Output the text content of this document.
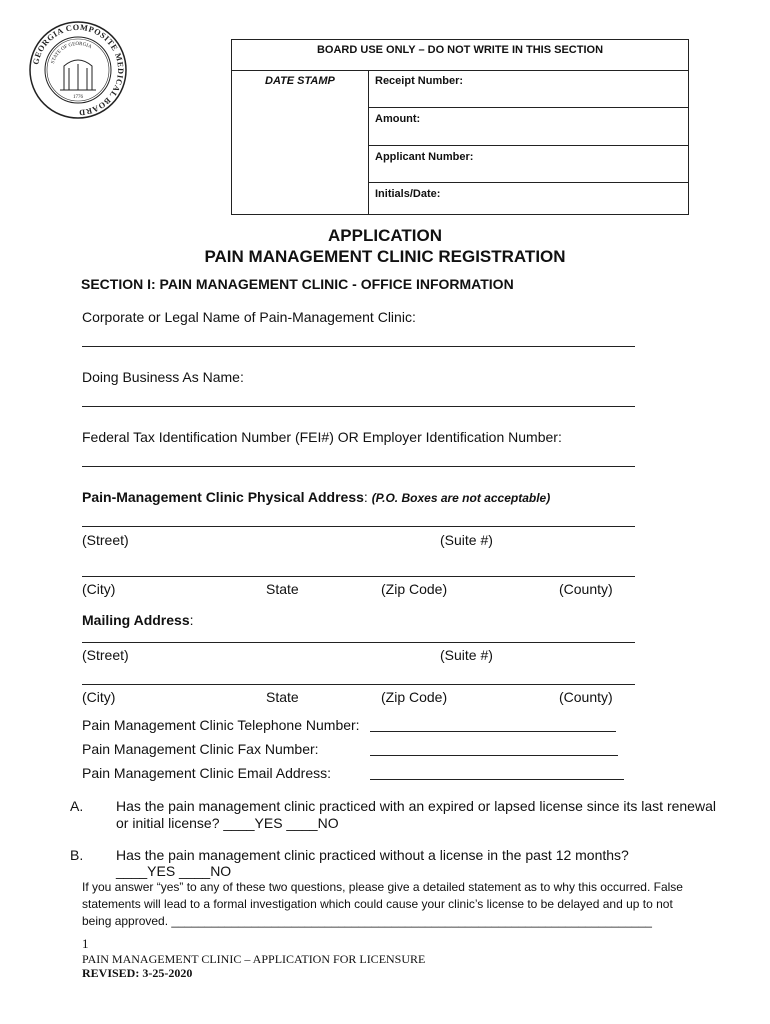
GEORGIA COMPOSITE MEDICAL BOARD
STATE OF GEORGIA
1776
BOARD USE ONLY – DO NOT WRITE IN THIS SECTION
DATE STAMP	Receipt Number:
Amount:
Applicant Number:
Initials/Date:
APPLICATION
PAIN MANAGEMENT CLINIC REGISTRATION
SECTION I: PAIN MANAGEMENT CLINIC - OFFICE INFORMATION
Corporate or Legal Name of Pain-Management Clinic:
Doing Business As Name:
Federal Tax Identification Number (FEI#) OR Employer Identification Number:
Pain-Management Clinic Physical Address: (P.O. Boxes are not acceptable)
(Street)	(Suite #)
(City)	State	(Zip Code)	(County)
Mailing Address:
(Street)	(Suite #)
(City)	State	(Zip Code)	(County)
Pain Management Clinic Telephone Number:
Pain Management Clinic Fax Number:
Pain Management Clinic Email Address:
A. Has the pain management clinic practiced with an expired or lapsed license since its last renewal
or initial license? ____YES ____NO
B. Has the pain management clinic practiced without a license in the past 12 months?
____YES ____NO
If you answer “yes” to any of these two questions, please give a detailed statement as to why this occurred. False
statements will lead to a formal investigation which could cause your clinic’s license to be delayed and up to not
being approved. ________________________________________________________________________
1
PAIN MANAGEMENT CLINIC – APPLICATION FOR LICENSURE
REVISED: 3-25-2020
